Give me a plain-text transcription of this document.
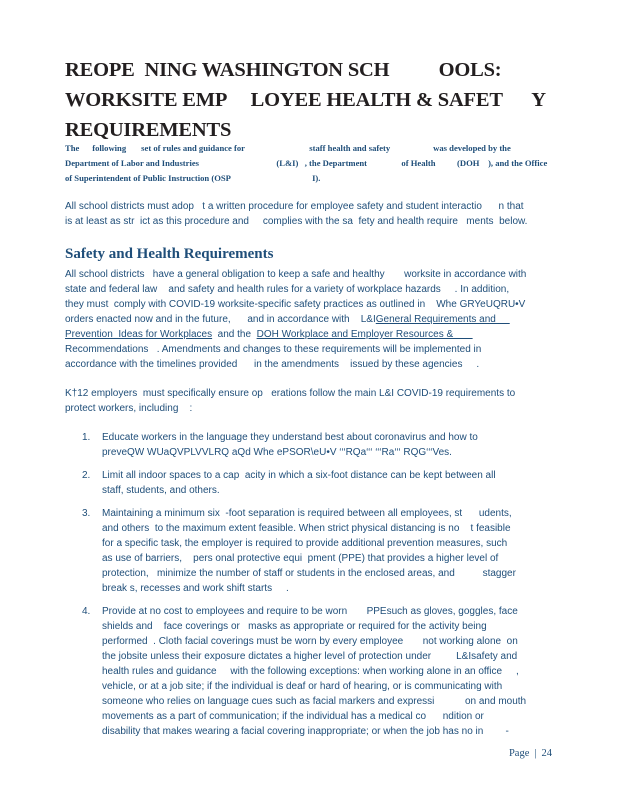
REOPE  NING WASHINGTON SCH          OOLS:
WORKSITE EMP     LOYEE HEALTH & SAFET      Y
REQUIREMENTS
The      following       set of rules and guidance for                              staff health and safety                    was developed by the
Department of Labor and Industries                                    (L&I)   , the Department                of Health          (DOH    ), and the Office
of Superintendent of Public Instruction (OSP                                      I).
All school districts must adop   t a written procedure for employee safety and student interactio      n that
is at least as str  ict as this procedure and     complies with the sa  fety and health require   ments  below.
Safety and Health Requirements
All school districts   have a general obligation to keep a safe and healthy       worksite in accordance with
state and federal law    and safety and health rules for a variety of workplace hazards     . In addition,
they must  comply with COVID-19 worksite-specific safety practices as outlined in    Whe GRYeUQRU•V
orders enacted now and in the future,      and in accordance with    L&IGeneral Requirements and
Prevention  Ideas for Workplaces  and the  DOH Workplace and Employer Resources &
Recommendations   . Amendments and changes to these requirements will be implemented in
accordance with the timelines provided      in the amendments    issued by these agencies     .
K†12 employers  must specifically ensure op   erations follow the main L&I COVID-19 requirements to
protect workers, including    :
1.	Educate workers in the language they understand best about coronavirus and how to
preveQW WUaQVPLVVLRQ aQd Whe ePSOR\eU•V ‘‘‘RQa‘‘‘ ‘‘‘Ra‘‘‘ RQG‘‘‘Ves.
2.	Limit all indoor spaces to a cap  acity in which a six-foot distance can be kept between all
staff, students, and others.
3.	Maintaining a minimum six  -foot separation is required between all employees, st      udents,
and others  to the maximum extent feasible. When strict physical distancing is no    t feasible
for a specific task, the employer is required to provide additional prevention measures, such
as use of barriers,    pers onal protective equi  pment (PPE) that provides a higher level of
protection,   minimize the number of staff or students in the enclosed areas, and          stagger
break s, recesses and work shift starts     .
4.	Provide at no cost to employees and require to be worn       PPEsuch as gloves, goggles, face
shields and    face coverings or   masks as appropriate or required for the activity being
performed  . Cloth facial coverings must be worn by every employee       not working alone  on
the jobsite unless their exposure dictates a higher level of protection under         L&Isafety and
health rules and guidance     with the following exceptions: when working alone in an office     ,
vehicle, or at a job site; if the individual is deaf or hard of hearing, or is communicating with
someone who relies on language cues such as facial markers and expressi           on and mouth
movements as a part of communication; if the individual has a medical co      ndition or
disability that makes wearing a facial covering inappropriate; or when the job has no in        -
Page | 24
